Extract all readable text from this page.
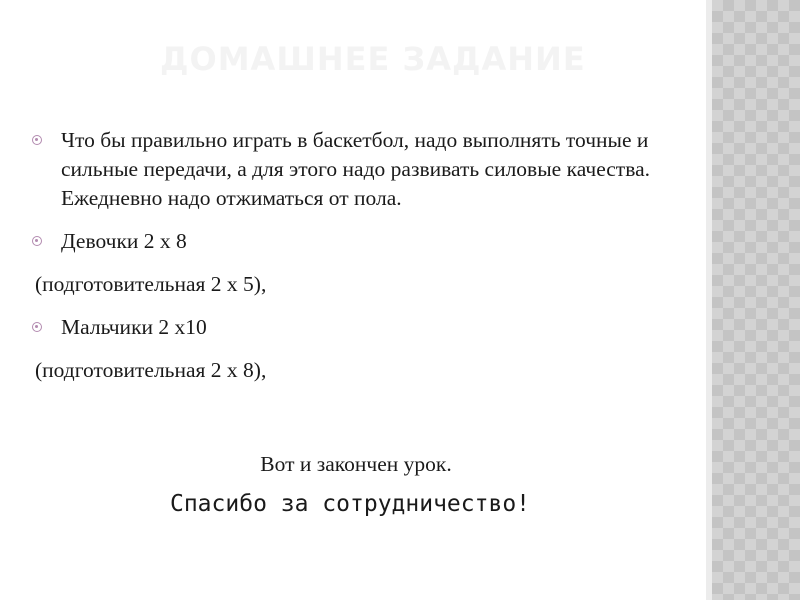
ДОМАШНЕЕ ЗАДАНИЕ
Что бы правильно играть в баскетбол, надо выполнять точные и сильные передачи, а для этого надо развивать силовые качества. Ежедневно надо отжиматься от пола.
Девочки 2 х 8
(подготовительная 2 х 5),
Мальчики 2 х10
(подготовительная 2 х 8),
Вот и закончен урок.
Спасибо за сотрудничество!
